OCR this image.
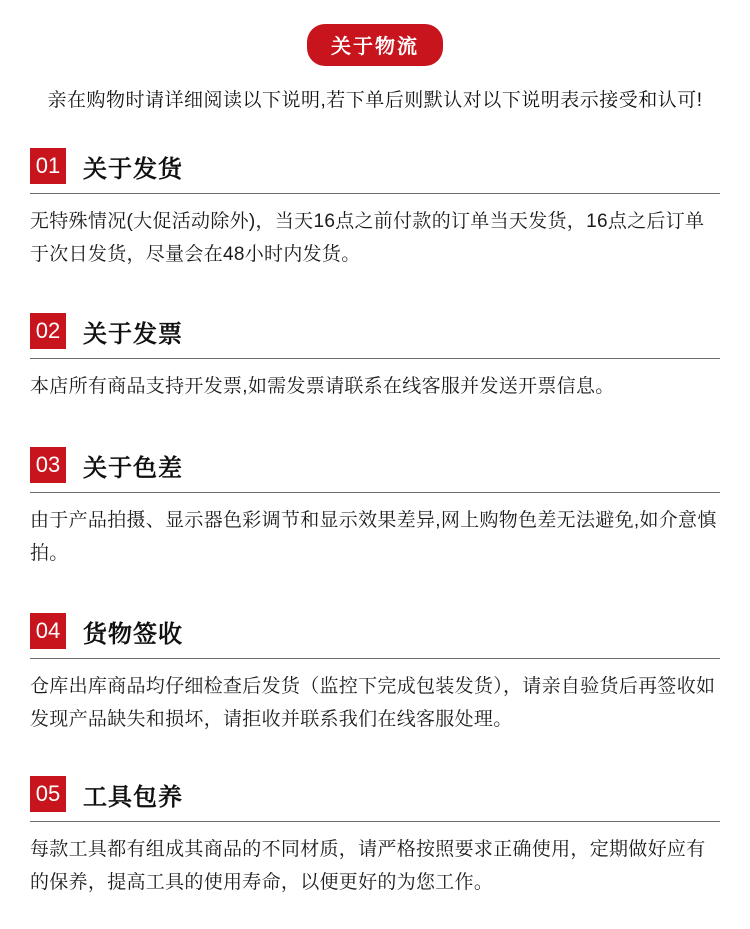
关于物流
亲在购物时请详细阅读以下说明,若下单后则默认对以下说明表示接受和认可!
01 关于发货
无特殊情况(大促活动除外)，当天16点之前付款的订单当天发货，16点之后订单于次日发货，尽量会在48小时内发货。
02 关于发票
本店所有商品支持开发票,如需发票请联系在线客服并发送开票信息。
03 关于色差
由于产品拍摄、显示器色彩调节和显示效果差异,网上购物色差无法避免,如介意慎拍。
04 货物签收
仓库出库商品均仔细检查后发货（监控下完成包装发货），请亲自验货后再签收如发现产品缺失和损坏，请拒收并联系我们在线客服处理。
05 工具包养
每款工具都有组成其商品的不同材质，请严格按照要求正确使用，定期做好应有的保养，提高工具的使用寿命，以便更好的为您工作。
